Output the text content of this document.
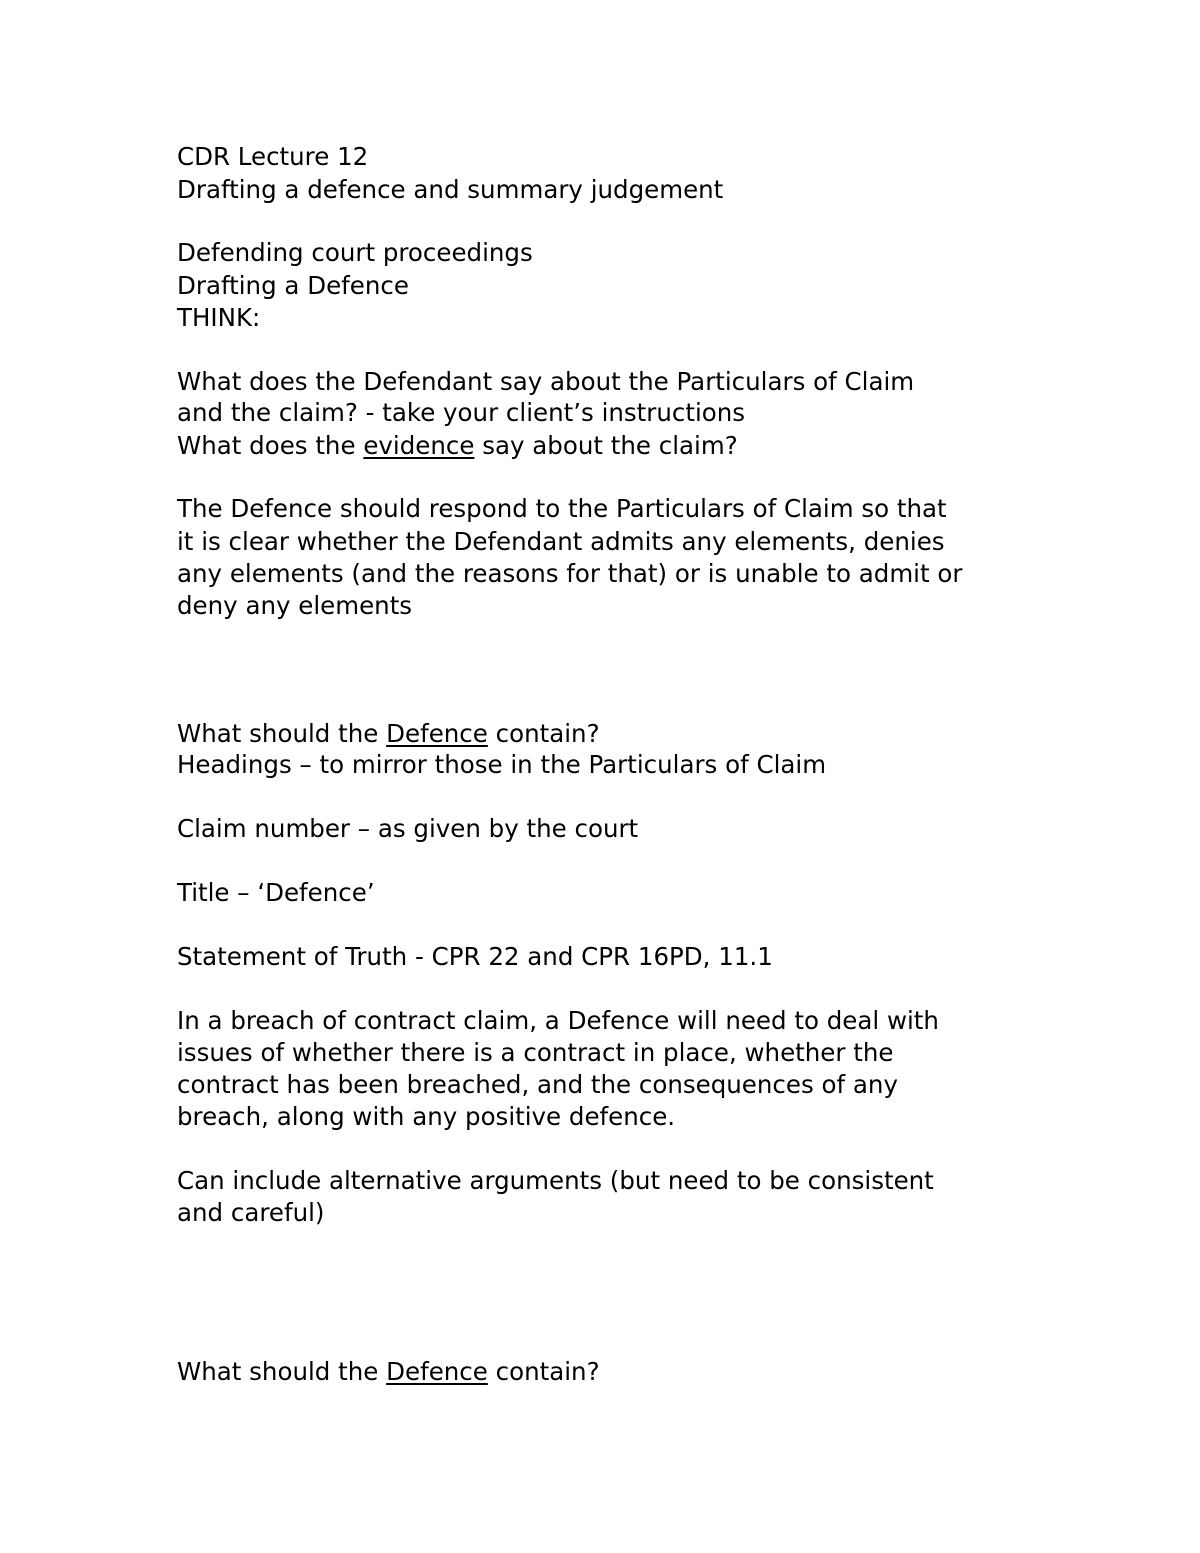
CDR Lecture 12

Drafting a defence and summary judgement

Defending court proceedings

Drafting a Defence

THINK:

What does the Defendant say about the Particulars of Claim

and the claim? - take your client’s instructions

What does the evidence say about the claim?

The Defence should respond to the Particulars of Claim so that

it is clear whether the Defendant admits any elements, denies

any elements (and the reasons for that) or is unable to admit or

deny any elements

What should the Defence contain?

Headings – to mirror those in the Particulars of Claim

Claim number – as given by the court

Title – ‘Defence’

Statement of Truth - CPR 22 and CPR 16PD, 11.1

In a breach of contract claim, a Defence will need to deal with

issues of whether there is a contract in place, whether the

contract has been breached, and the consequences of any

breach, along with any positive defence.

Can include alternative arguments (but need to be consistent

and careful)

What should the Defence contain?
